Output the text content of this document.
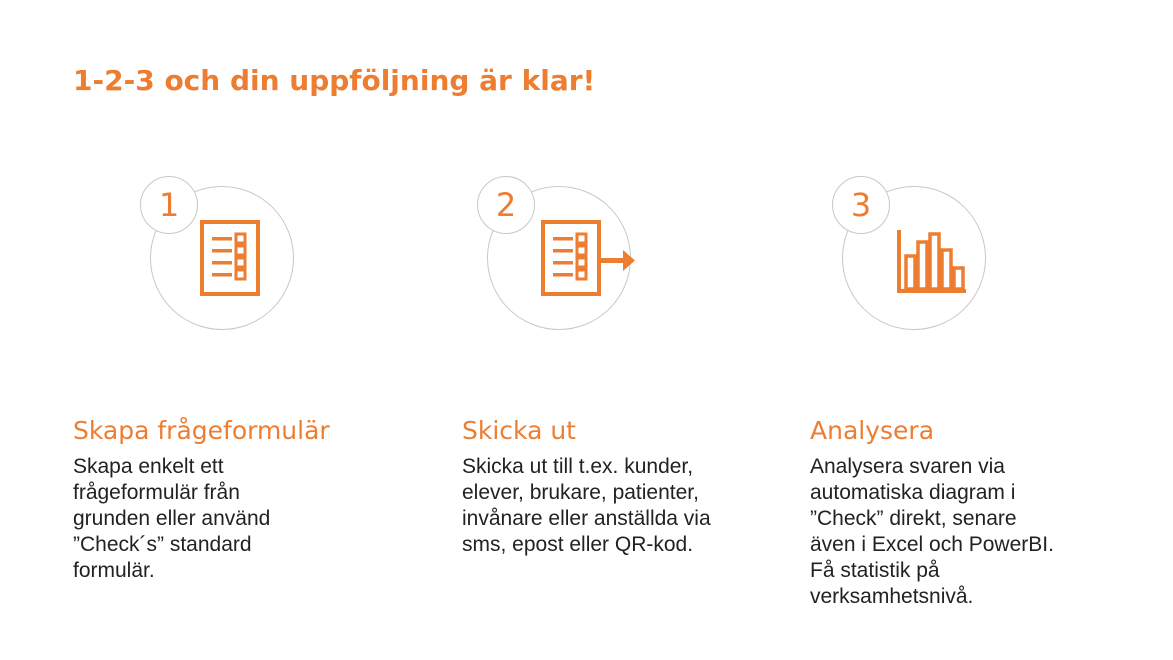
1-2-3 och din uppföljning är klar!
1
Skapa frågeformulär

Skapa enkelt ett
frågeformulär från
grunden eller använd
”Check´s” standard
formulär.

2
Skicka ut

Skicka ut till t.ex. kunder,
elever, brukare, patienter,
invånare eller anställda via
sms, epost eller QR-kod.

3
Analysera

Analysera svaren via
automatiska diagram i
”Check” direkt, senare
även i Excel och PowerBI.
Få statistik på
verksamhetsnivå.
